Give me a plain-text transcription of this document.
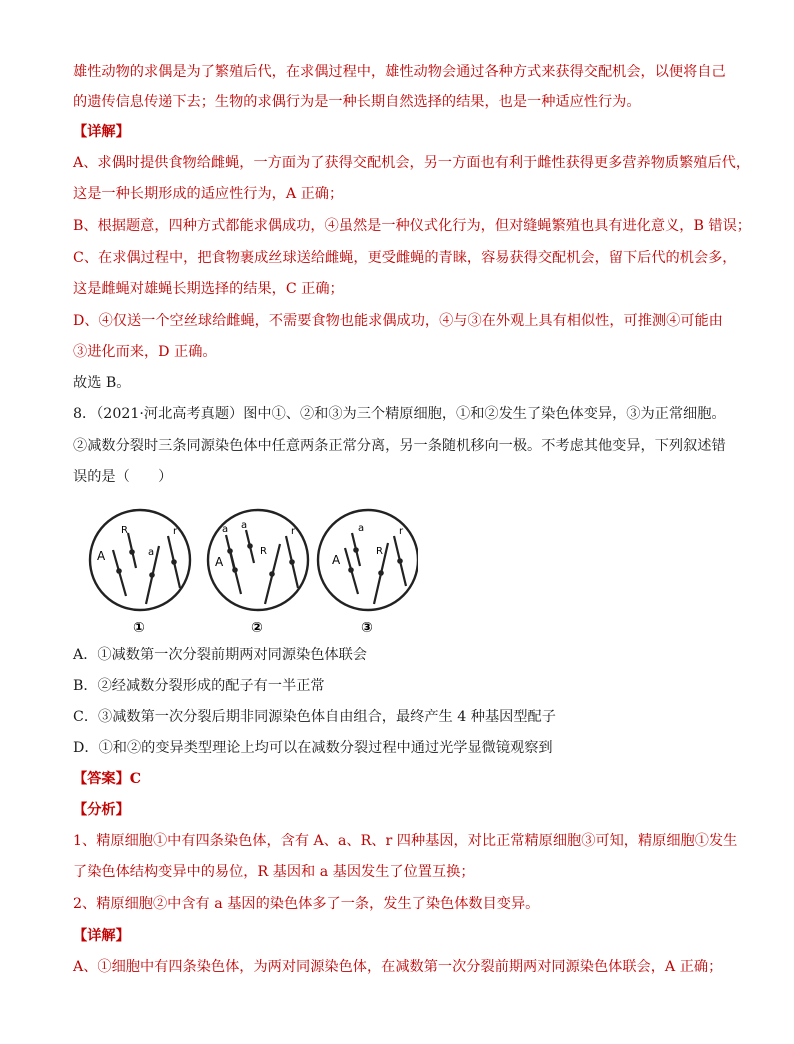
雄性动物的求偶是为了繁殖后代，在求偶过程中，雄性动物会通过各种方式来获得交配机会，以便将自己
的遗传信息传递下去；生物的求偶行为是一种长期自然选择的结果，也是一种适应性行为。
【详解】
A、求偶时提供食物给雌蝇，一方面为了获得交配机会，另一方面也有利于雌性获得更多营养物质繁殖后代，
这是一种长期形成的适应性行为，A 正确；
B、根据题意，四种方式都能求偶成功，④虽然是一种仪式化行为，但对缝蝇繁殖也具有进化意义，B 错误；
C、在求偶过程中，把食物裹成丝球送给雌蝇，更受雌蝇的青睐，容易获得交配机会，留下后代的机会多，
这是雌蝇对雄蝇长期选择的结果，C 正确；
D、④仅送一个空丝球给雌蝇，不需要食物也能求偶成功，④与③在外观上具有相似性，可推测④可能由
③进化而来，D 正确。
故选 B。
8．（2021·河北高考真题）图中①、②和③为三个精原细胞，①和②发生了染色体变异，③为正常细胞。
②减数分裂时三条同源染色体中任意两条正常分离，另一条随机移向一极。不考虑其他变异，下列叙述错
误的是（　　）
R
A	a
r
①
a
R
A
r
a
②
a
R
A
r
③
A．①减数第一次分裂前期两对同源染色体联会
B．②经减数分裂形成的配子有一半正常
C．③减数第一次分裂后期非同源染色体自由组合，最终产生 4 种基因型配子
D．①和②的变异类型理论上均可以在减数分裂过程中通过光学显微镜观察到
【答案】C
【分析】
1、精原细胞①中有四条染色体，含有 A、a、R、r 四种基因，对比正常精原细胞③可知，精原细胞①发生
了染色体结构变异中的易位，R 基因和 a 基因发生了位置互换；
2、精原细胞②中含有 a 基因的染色体多了一条，发生了染色体数目变异。
【详解】
A、①细胞中有四条染色体，为两对同源染色体，在减数第一次分裂前期两对同源染色体联会，A 正确；
